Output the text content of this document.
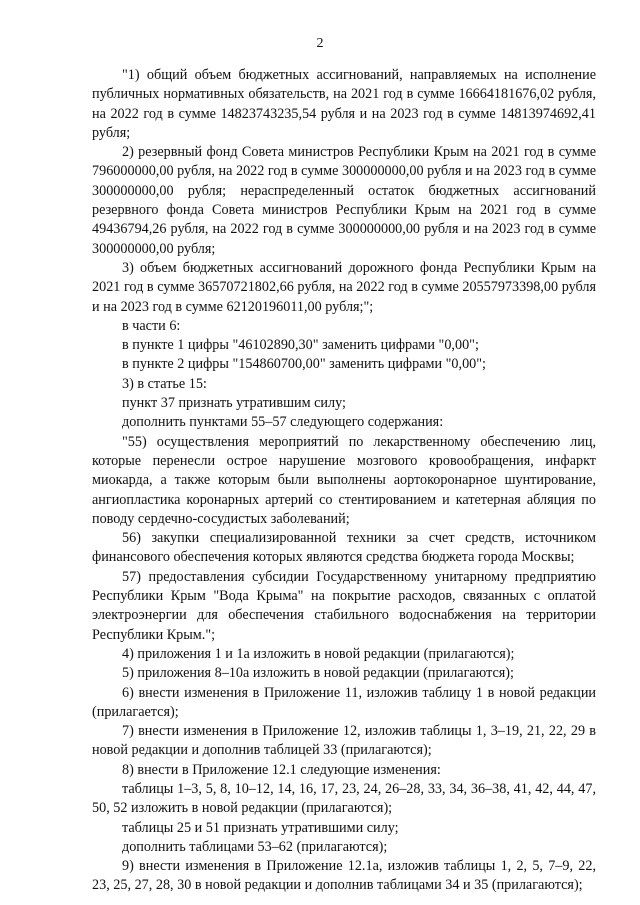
2

"1) общий объем бюджетных ассигнований, направляемых на исполнение публичных нормативных обязательств, на 2021 год в сумме 16664181676,02 рубля, на 2022 год в сумме 14823743235,54 рубля и на 2023 год в сумме 14813974692,41 рубля;

2) резервный фонд Совета министров Республики Крым на 2021 год в сумме 796000000,00 рубля, на 2022 год в сумме 300000000,00 рубля и на 2023 год в сумме 300000000,00 рубля; нераспределенный остаток бюджетных ассигнований резервного фонда Совета министров Республики Крым на 2021 год в сумме 49436794,26 рубля, на 2022 год в сумме 300000000,00 рубля и на 2023 год в сумме 300000000,00 рубля;

3) объем бюджетных ассигнований дорожного фонда Республики Крым на 2021 год в сумме 36570721802,66 рубля, на 2022 год в сумме 20557973398,00 рубля и на 2023 год в сумме 62120196011,00 рубля;";

в части 6:

в пункте 1 цифры "46102890,30" заменить цифрами "0,00";

в пункте 2 цифры "154860700,00" заменить цифрами "0,00";

3) в статье 15:

пункт 37 признать утратившим силу;

дополнить пунктами 55–57 следующего содержания:

"55) осуществления мероприятий по лекарственному обеспечению лиц, которые перенесли острое нарушение мозгового кровообращения, инфаркт миокарда, а также которым были выполнены аортокоронарное шунтирование, ангиопластика коронарных артерий со стентированием и катетерная абляция по поводу сердечно-сосудистых заболеваний;

56) закупки специализированной техники за счет средств, источником финансового обеспечения которых являются средства бюджета города Москвы;

57) предоставления субсидии Государственному унитарному предприятию Республики Крым "Вода Крыма" на покрытие расходов, связанных с оплатой электроэнергии для обеспечения стабильного водоснабжения на территории Республики Крым.";

4) приложения 1 и 1а изложить в новой редакции (прилагаются);

5) приложения 8–10а изложить в новой редакции (прилагаются);

6) внести изменения в Приложение 11, изложив таблицу 1 в новой редакции (прилагается);

7) внести изменения в Приложение 12, изложив таблицы 1, 3–19, 21, 22, 29 в новой редакции и дополнив таблицей 33 (прилагаются);

8) внести в Приложение 12.1 следующие изменения:

таблицы 1–3, 5, 8, 10–12, 14, 16, 17, 23, 24, 26–28, 33, 34, 36–38, 41, 42, 44, 47, 50, 52 изложить в новой редакции (прилагаются);

таблицы 25 и 51 признать утратившими силу;

дополнить таблицами 53–62 (прилагаются);

9) внести изменения в Приложение 12.1а, изложив таблицы 1, 2, 5, 7–9, 22, 23, 25, 27, 28, 30 в новой редакции и дополнив таблицами 34 и 35 (прилагаются);
